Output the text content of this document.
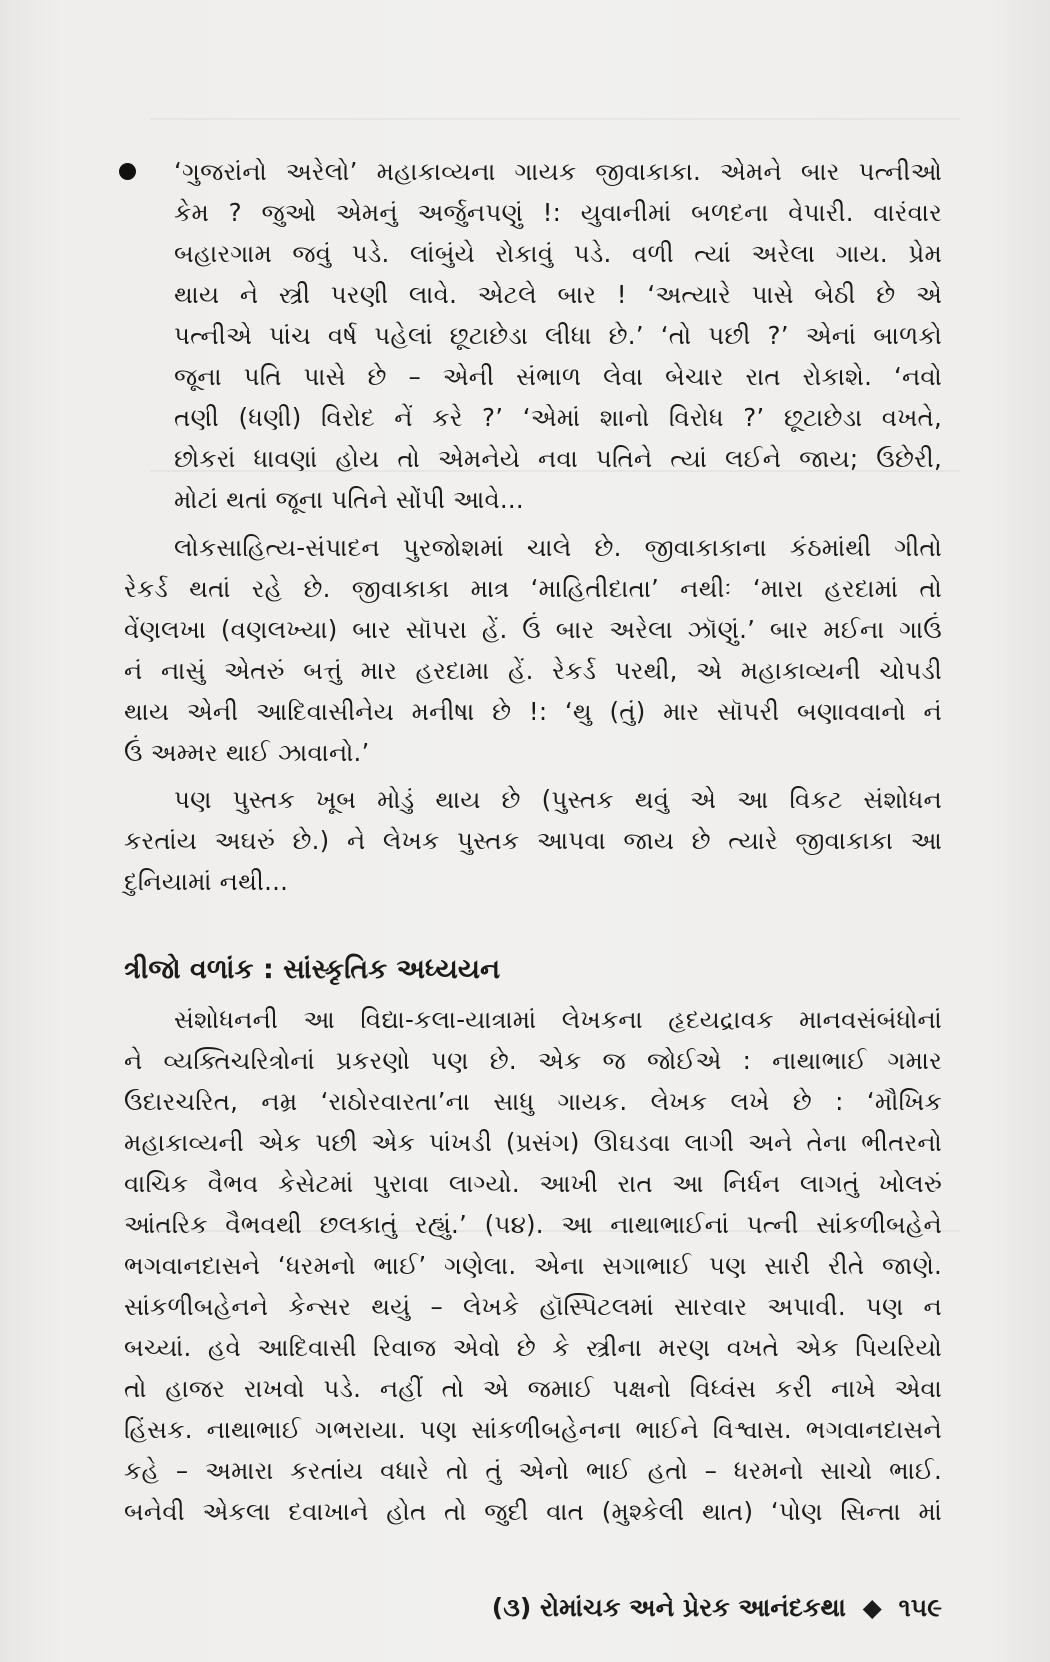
‘ગુજરાંનો અરેલો’ મહાકાવ્યના ગાયક જીવાકાકા. એમને બાર પત્નીઓ
કેમ ? જુઓ એમનું અર્જુનપણું !: યુવાનીમાં બળદના વેપારી. વારંવાર
બહારગામ જવું પડે. લાંબુંયે રોકાવું પડે. વળી ત્યાં અરેલા ગાય. પ્રેમ
થાય ને સ્ત્રી પરણી લાવે. એટલે બાર ! ‘અત્યારે પાસે બેઠી છે એ
પત્નીએ પાંચ વર્ષ પહેલાં છૂટાછેડા લીધા છે.’ ‘તો પછી ?’ એનાં બાળકો
જૂના પતિ પાસે છે – એની સંભાળ લેવા બેચાર રાત રોકાશે. ‘નવો
તણી (ધણી) વિરોદ નેં કરે ?’ ‘એમાં શાનો વિરોધ ?’ છૂટાછેડા વખતે,
છોકરાં ધાવણાં હોય તો એમનેયે નવા પતિને ત્યાં લઈને જાય; ઉછેરી,
મોટાં થતાં જૂના પતિને સોંપી આવે...
લોકસાહિત્ય-સંપાદન પુરજોશમાં ચાલે છે. જીવાકાકાના કંઠમાંથી ગીતો
રેકર્ડ થતાં રહે છે. જીવાકાકા માત્ર ‘માહિતીદાતા’ નથીઃ ‘મારા હરદામાં તો
વેંણલખા (વણલખ્યા) બાર સૉપરા હેં. ઉં બાર અરેલા ઝૉણું.’ બાર મઈના ગાઉં
નં નાસું એતરું બત્તું માર હરદામા હેં. રેકર્ડ પરથી, એ મહાકાવ્યની ચોપડી
થાય એની આદિવાસીનેય મનીષા છે !: ‘થુ (તું) માર સૉપરી બણાવવાનો નં
ઉં અમ્મર થાઈ ઝાવાનો.’
પણ પુસ્તક ખૂબ મોડું થાય છે (પુસ્તક થવું એ આ વિકટ સંશોધન
કરતાંય અઘરું છે.) ને લેખક પુસ્તક આપવા જાય છે ત્યારે જીવાકાકા આ
દુનિયામાં નથી...
ત્રીજો વળાંક : સાંસ્કૃતિક અધ્યયન
સંશોધનની આ વિદ્યા-કલા-યાત્રામાં લેખકના હૃદયદ્રાવક માનવસંબંધોનાં
ને વ્યક્તિચરિત્રોનાં પ્રકરણો પણ છે. એક જ જોઈએ : નાથાભાઈ ગમાર
ઉદારચરિત, નમ્ર ‘રાઠોરવારતા’ના સાધુ ગાયક. લેખક લખે છે : ‘મૌખિક
મહાકાવ્યની એક પછી એક પાંખડી (પ્રસંગ) ઊઘડવા લાગી અને તેના ભીતરનો
વાચિક વૈભવ કેસેટમાં પુરાવા લાગ્યો. આખી રાત આ નિર્ધન લાગતું ખોલરું
આંતરિક વૈભવથી છલકાતું રહ્યું.’ (૫૪). આ નાથાભાઈનાં પત્ની સાંકળીબહેને
ભગવાનદાસને ‘ધરમનો ભાઈ’ ગણેલા. એના સગાભાઈ પણ સારી રીતે જાણે.
સાંકળીબહેનને કેન્સર થયું – લેખકે હૉસ્પિટલમાં સારવાર અપાવી. પણ ન
બચ્યાં. હવે આદિવાસી રિવાજ એવો છે કે સ્ત્રીના મરણ વખતે એક પિયરિયો
તો હાજર રાખવો પડે. નહીં તો એ જમાઈ પક્ષનો વિધ્વંસ કરી નાખે એવા
હિંસક. નાથાભાઈ ગભરાયા. પણ સાંકળીબહેનના ભાઈને વિશ્વાસ. ભગવાનદાસને
કહે – અમારા કરતાંય વધારે તો તું એનો ભાઈ હતો – ધરમનો સાચો ભાઈ.
બનેવી એકલા દવાખાને હોત તો જુદી વાત (મુશ્કેલી થાત) ‘પોણ સિન્તા માં
(૩) રોમાંચક અને પ્રેરક આનંદકથા ◆ ૧૫૯
